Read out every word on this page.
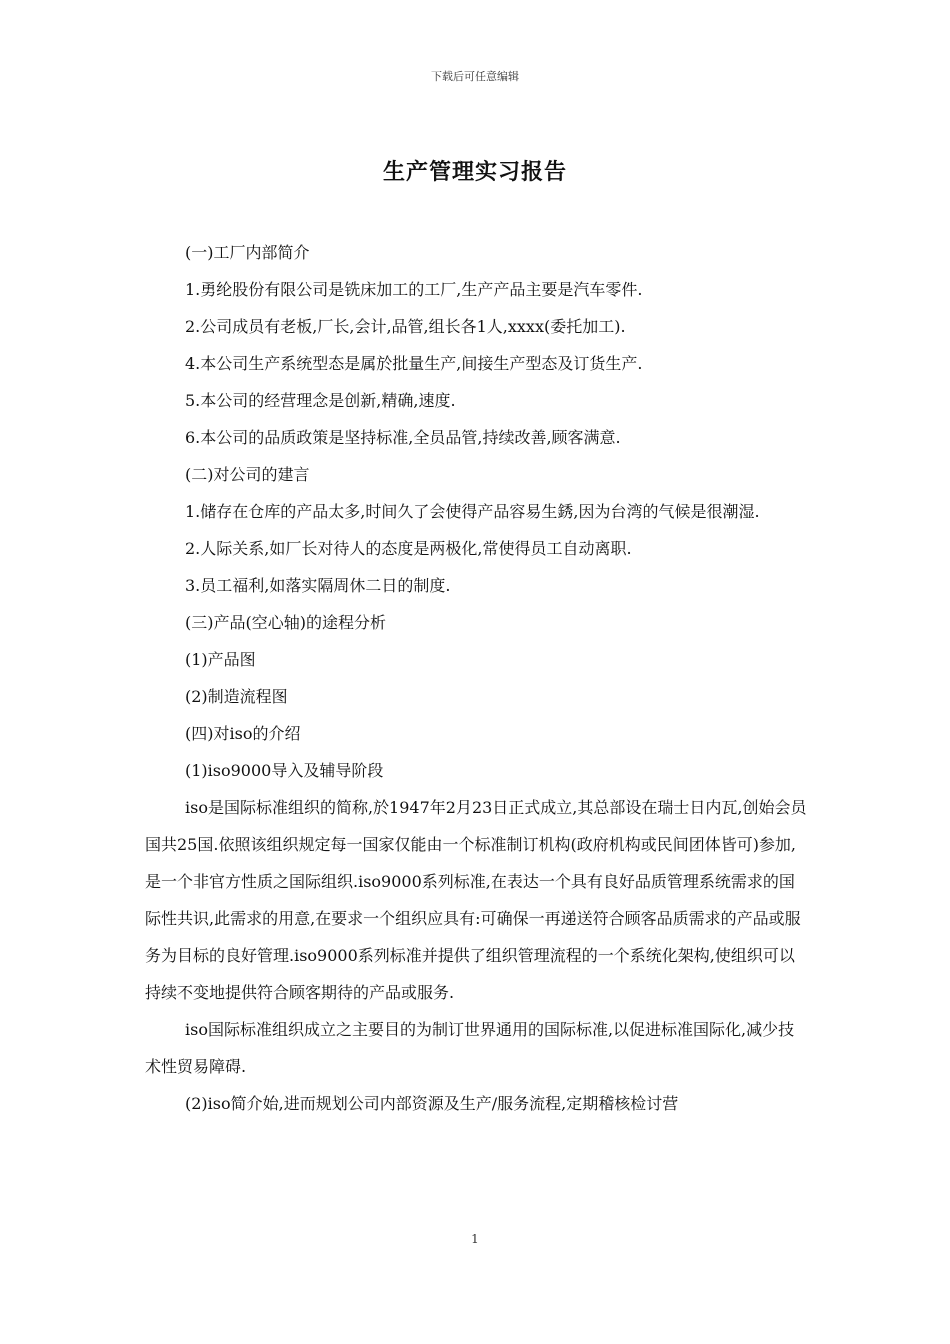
下载后可任意编辑
生产管理实习报告

(一)工厂内部简介

1.勇纶股份有限公司是铣床加工的工厂,生产产品主要是汽车零件.

2.公司成员有老板,厂长,会计,品管,组长各1人,xxxx(委托加工).

4.本公司生产系统型态是属於批量生产,间接生产型态及订货生产.

5.本公司的经营理念是创新,精确,速度.

6.本公司的品质政策是坚持标准,全员品管,持续改善,顾客满意.

(二)对公司的建言

1.储存在仓库的产品太多,时间久了会使得产品容易生銹,因为台湾的气候是很潮湿.

2.人际关系,如厂长对待人的态度是两极化,常使得员工自动离职.

3.员工福利,如落实隔周休二日的制度.

(三)产品(空心轴)的途程分析

(1)产品图

(2)制造流程图

(四)对iso的介绍

(1)iso9000导入及辅导阶段

iso是国际标准组织的简称,於1947年2月23日正式成立,其总部设在瑞士日内瓦,创始会员国共25国.依照该组织规定每一国家仅能由一个标准制订机构(政府机构或民间团体皆可)参加,是一个非官方性质之国际组织.iso9000系列标准,在表达一个具有良好品质管理系统需求的国际性共识,此需求的用意,在要求一个组织应具有:可确保一再递送符合顾客品质需求的产品或服务为目标的良好管理.iso9000系列标准并提供了组织管理流程的一个系统化架构,使组织可以持续不变地提供符合顾客期待的产品或服务.

iso国际标准组织成立之主要目的为制订世界通用的国际标准,以促进标准国际化,减少技术性贸易障碍.

(2)iso简介始,进而规划公司内部资源及生产/服务流程,定期稽核检讨营

1
